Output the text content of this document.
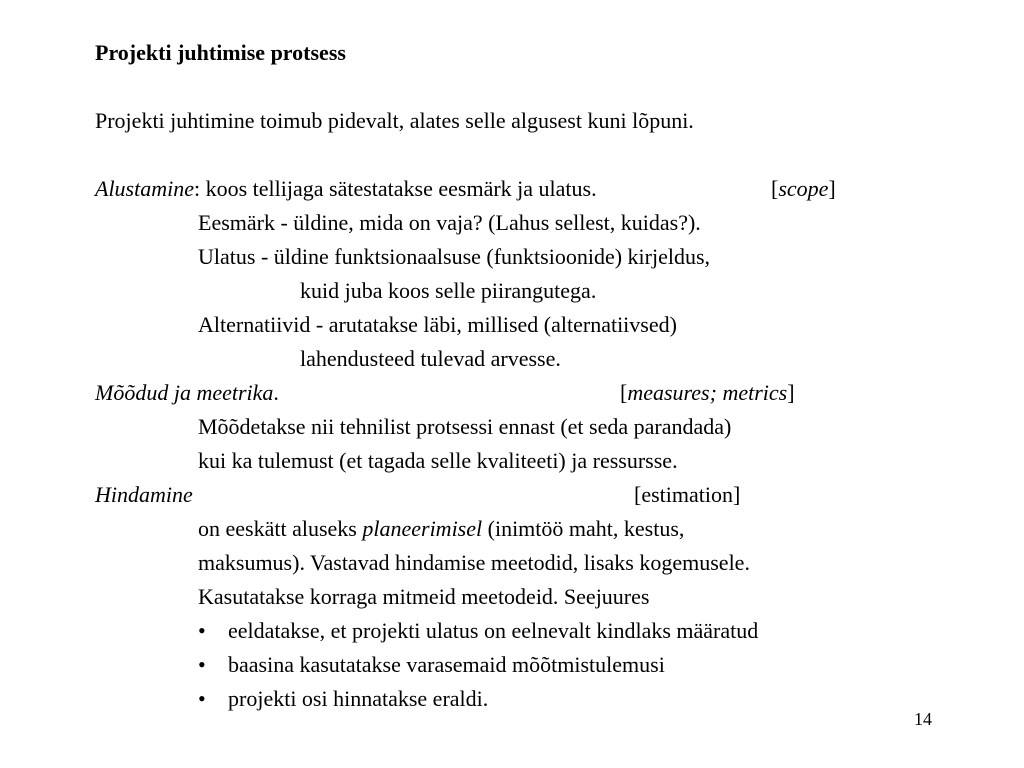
Projekti juhtimise protsess
Projekti juhtimine toimub pidevalt, alates selle algusest kuni lõpuni.
Alustamine: koos tellijaga sätestatakse eesmärk ja ulatus.	[scope]
Eesmärk - üldine, mida on vaja? (Lahus sellest, kuidas?).
Ulatus - üldine funktsionaalsuse (funktsioonide) kirjeldus,
kuid juba koos selle piirangutega.
Alternatiivid - arutatakse läbi, millised (alternatiivsed)
lahendusteed tulevad arvesse.
Mõõdud ja meetrika.	[measures; metrics]
Mõõdetakse nii tehnilist protsessi ennast (et seda parandada)
kui ka tulemust (et tagada selle kvaliteeti) ja ressursse.
Hindamine	[estimation]
on eeskätt aluseks planeerimisel (inimtöö maht, kestus,
maksumus). Vastavad hindamise meetodid, lisaks kogemusele.
Kasutatakse korraga mitmeid meetodeid. Seejuures
• eeldatakse, et projekti ulatus on eelnevalt kindlaks määratud
• baasina kasutatakse varasemaid mõõtmistulemusi
• projekti osi hinnatakse eraldi.
14
